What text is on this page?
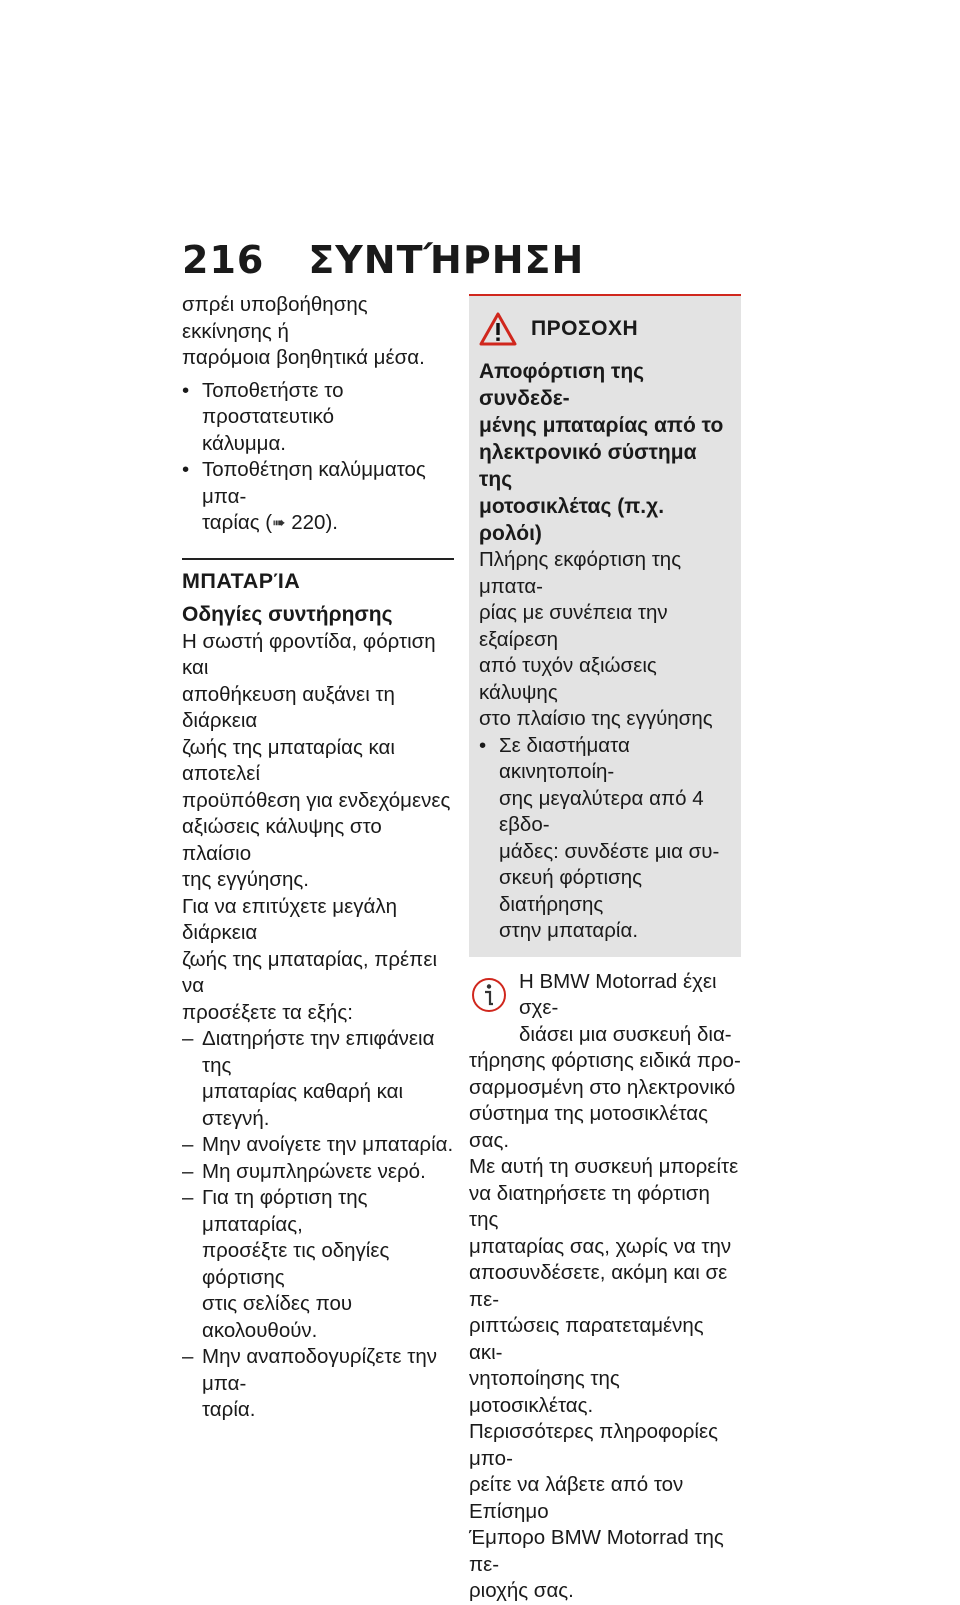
216 ΣΥΝΤΉΡΗΣΗ

σπρέι υποβοήθησης εκκίνησης ή

παρόμοια βοηθητικά μέσα.

• Τοποθετήστε το προστατευτικό

κάλυμμα.

• Τοποθέτηση καλύμματος μπα-

ταρίας (➠ 220).

ΜΠΑΤΑΡΊΑ

Οδηγίες συντήρησης

Η σωστή φροντίδα, φόρτιση και

αποθήκευση αυξάνει τη διάρκεια

ζωής της μπαταρίας και αποτελεί

προϋπόθεση για ενδεχόμενες

αξιώσεις κάλυψης στο πλαίσιο

της εγγύησης.

Για να επιτύχετε μεγάλη διάρκεια

ζωής της μπαταρίας, πρέπει να

προσέξετε τα εξής:

– Διατηρήστε την επιφάνεια της

μπαταρίας καθαρή και στεγνή.

– Μην ανοίγετε την μπαταρία.

– Μη συμπληρώνετε νερό.

– Για τη φόρτιση της μπαταρίας,

προσέξτε τις οδηγίες φόρτισης

στις σελίδες που ακολουθούν.

– Μην αναποδογυρίζετε την μπα-

ταρία.

ΠΡΟΣΟΧΗ

Αποφόρτιση της συνδεδε-

μένης μπαταρίας από το

ηλεκτρονικό σύστημα της

μοτοσικλέτας (π.χ. ρολόι)

Πλήρης εκφόρτιση της μπατα-

ρίας με συνέπεια την εξαίρεση

από τυχόν αξιώσεις κάλυψης

στο πλαίσιο της εγγύησης

• Σε διαστήματα ακινητοποίη-

σης μεγαλύτερα από 4 εβδο-

μάδες: συνδέστε μια συ-

σκευή φόρτισης διατήρησης

στην μπαταρία.

Η BMW Motorrad έχει σχε-

διάσει μια συσκευή δια-

τήρησης φόρτισης ειδικά προ-

σαρμοσμένη στο ηλεκτρονικό

σύστημα της μοτοσικλέτας σας.

Με αυτή τη συσκευή μπορείτε

να διατηρήσετε τη φόρτιση της

μπαταρίας σας, χωρίς να την

αποσυνδέσετε, ακόμη και σε πε-

ριπτώσεις παρατεταμένης ακι-

νητοποίησης της μοτοσικλέτας.

Περισσότερες πληροφορίες μπο-

ρείτε να λάβετε από τον Επίσημο

Έμπορο BMW Motorrad της πε-

ριοχής σας.
